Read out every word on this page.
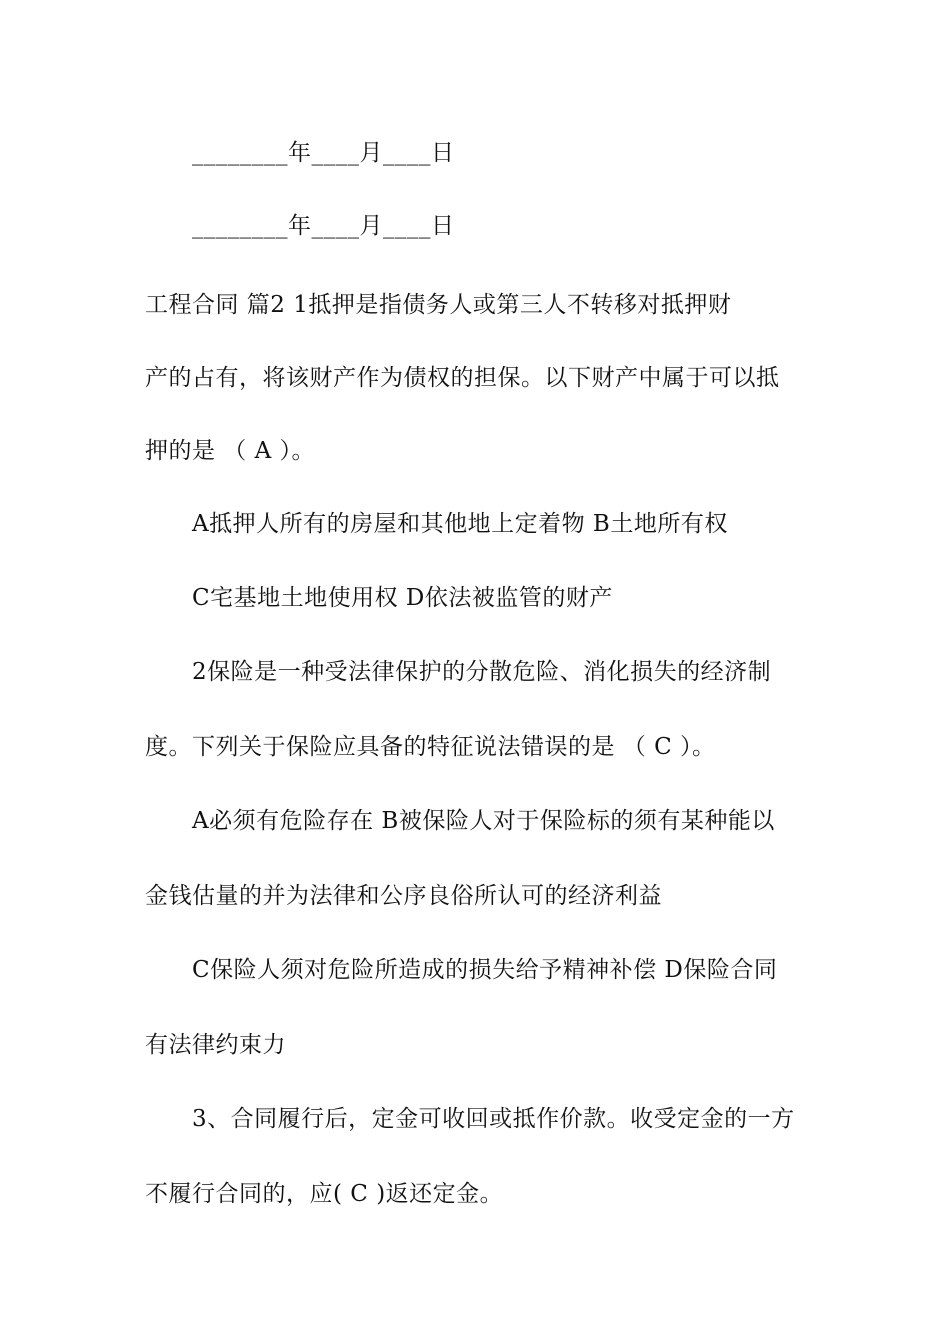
________年____月____日
________年____月____日
工程合同 篇2 1抵押是指债务人或第三人不转移对抵押财
产的占有，将该财产作为债权的担保。以下财产中属于可以抵
押的是 （ A ）。
A抵押人所有的房屋和其他地上定着物 B土地所有权
C宅基地土地使用权 D依法被监管的财产
2保险是一种受法律保护的分散危险、消化损失的经济制
度。下列关于保险应具备的特征说法错误的是 （ C ）。
A必须有危险存在 B被保险人对于保险标的须有某种能以
金钱估量的并为法律和公序良俗所认可的经济利益
C保险人须对危险所造成的损失给予精神补偿 D保险合同
有法律约束力
3、合同履行后，定金可收回或抵作价款。收受定金的一方
不履行合同的，应( C )返还定金。
